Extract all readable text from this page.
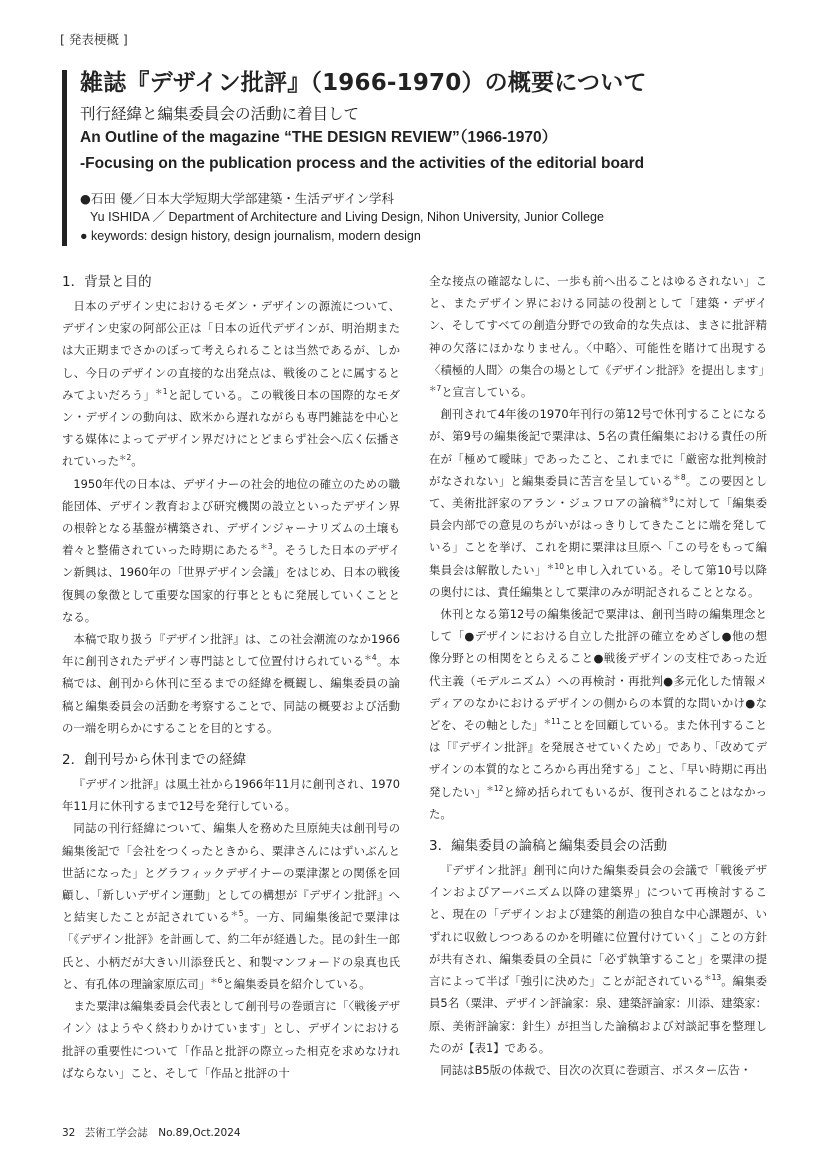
[ 発表梗概 ]
雑誌『デザイン批評』（1966-1970）の概要について
刊行経緯と編集委員会の活動に着目して
An Outline of the magazine “THE DESIGN REVIEW”（1966-1970）
-Focusing on the publication process and the activities of the editorial board
●石田 優／日本大学短期大学部建築・生活デザイン学科
Yu ISHIDA ／ Department of Architecture and Living Design, Nihon University, Junior College
● keywords: design history, design journalism, modern design
1．背景と目的

日本のデザイン史におけるモダン・デザインの源流について、デザイン史家の阿部公正は「日本の近代デザインが、明治期または大正期までさかのぼって考えられることは当然であるが、しかし、今日のデザインの直接的な出発点は、戦後のことに属するとみてよいだろう」$^{*1}$と記している。この戦後日本の国際的なモダン・デザインの動向は、欧米から遅れながらも専門雑誌を中心とする媒体によってデザイン界だけにとどまらず社会へ広く伝播されていった$^{*2}$。

1950年代の日本は、デザイナーの社会的地位の確立のための職能団体、デザイン教育および研究機関の設立といったデザイン界の根幹となる基盤が構築され、デザインジャーナリズムの土壌も着々と整備されていった時期にあたる$^{*3}$。そうした日本のデザイン新興は、1960年の「世界デザイン会議」をはじめ、日本の戦後復興の象徴として重要な国家的行事とともに発展していくこととなる。

本稿で取り扱う『デザイン批評』は、この社会潮流のなか1966年に創刊されたデザイン専門誌として位置付けられている$^{*4}$。本稿では、創刊から休刊に至るまでの経緯を概観し、編集委員の論稿と編集委員会の活動を考察することで、同誌の概要および活動の一端を明らかにすることを目的とする。

2．創刊号から休刊までの経緯

『デザイン批評』は風土社から1966年11月に創刊され、1970年11月に休刊するまで12号を発行している。

同誌の刊行経緯について、編集人を務めた旦原純夫は創刊号の編集後記で「会社をつくったときから、粟津さんにはずいぶんと世話になった」とグラフィックデザイナーの粟津潔との関係を回顧し、「新しいデザイン運動」としての構想が『デザイン批評』へと結実したことが記されている$^{*5}$。一方、同編集後記で粟津は「《デザイン批評》を計画して、約二年が経過した。昆の針生一郎氏と、小柄だが大きい川添登氏と、和製マンフォードの泉真也氏と、有孔体の理論家原広司」$^{*6}$と編集委員を紹介している。

また粟津は編集委員会代表として創刊号の巻頭言に「〈戦後デザイン〉はようやく終わりかけています」とし、デザインにおける批評の重要性について「作品と批評の際立った相克を求めなければならない」こと、そして「作品と批評の十

全な接点の確認なしに、一歩も前へ出ることはゆるされない」こと、またデザイン界における同誌の役割として「建築・デザイン、そしてすべての創造分野での致命的な失点は、まさに批評精神の欠落にほかなりません。〈中略〉、可能性を賭けて出現する〈積極的人間〉の集合の場として《デザイン批評》を提出します」$^{*7}$と宣言している。

創刊されて4年後の1970年刊行の第12号で休刊することになるが、第9号の編集後記で粟津は、5名の責任編集における責任の所在が「極めて曖昧」であったこと、これまでに「厳密な批判検討がなされない」と編集委員に苦言を呈している$^{*8}$。この要因として、美術批評家のアラン・ジュフロアの論稿$^{*9}$に対して「編集委員会内部での意見のちがいがはっきりしてきたことに端を発している」ことを挙げ、これを期に粟津は旦原へ「この号をもって編集員会は解散したい」$^{*10}$と申し入れている。そして第10号以降の奥付には、責任編集として粟津のみが明記されることとなる。

休刊となる第12号の編集後記で粟津は、創刊当時の編集理念として「●デザインにおける自立した批評の確立をめざし●他の想像分野との相関をとらえること●戦後デザインの支柱であった近代主義（モデルニズム）への再検討・再批判●多元化した情報メディアのなかにおけるデザインの側からの本質的な問いかけ●などを、その軸とした」$^{*11}$ことを回顧している。また休刊することは「『デザイン批評』を発展させていくため」であり、「改めてデザインの本質的なところから再出発する」こと、「早い時期に再出発したい」$^{*12}$と締め括られてもいるが、復刊されることはなかった。

3．編集委員の論稿と編集委員会の活動

『デザイン批評』創刊に向けた編集委員会の会議で「戦後デザインおよびアーバニズム以降の建築界」について再検討すること、現在の「デザインおよび建築的創造の独自な中心課題が、いずれに収斂しつつあるのかを明確に位置付けていく」ことの方針が共有され、編集委員の全員に「必ず執筆すること」を粟津の提言によって半ば「強引に決めた」ことが記されている$^{*13}$。編集委員5名（粟津、デザイン評論家：泉、建築評論家：川添、建築家：原、美術評論家：針生）が担当した論稿および対談記事を整理したのが【表1】である。

同誌はB5版の体裁で、目次の次頁に巻頭言、ポスター広告・

32 芸術工学会誌　No.89,Oct.2024
